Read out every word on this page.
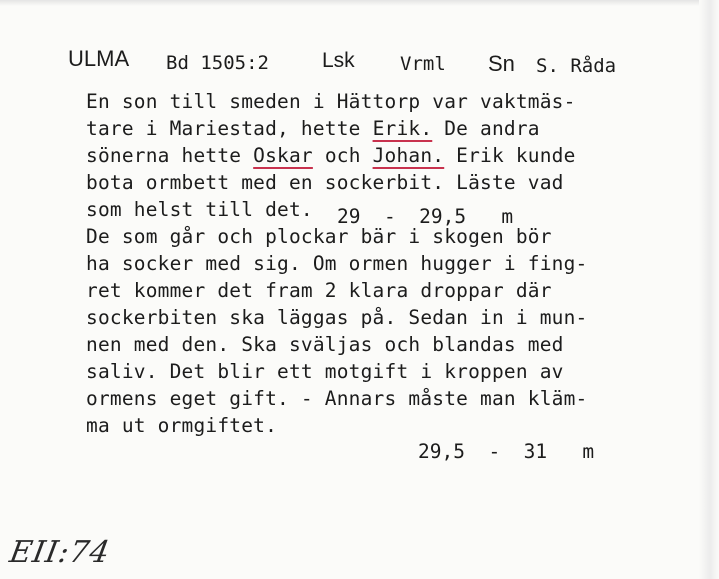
ULMA Bd 1505:2	Lsk Vrml Sn S. Råda
En son till smeden i Hättorp var vaktmäs-
tare i Mariestad, hette Erik. De andra
sönerna hette Oskar och Johan. Erik kunde
bota ormbett med en sockerbit. Läste vad
som helst till det.
De som går och plockar bär i skogen bör
ha socker med sig. Om ormen hugger i fing-
ret kommer det fram 2 klara droppar där
sockerbiten ska läggas på. Sedan in i mun-
nen med den. Ska sväljas och blandas med
saliv. Det blir ett motgift i kroppen av
ormens eget gift. - Annars måste man kläm-
ma ut ormgiftet.
29  -  29,5   m
29,5  -  31   m
EII:74
